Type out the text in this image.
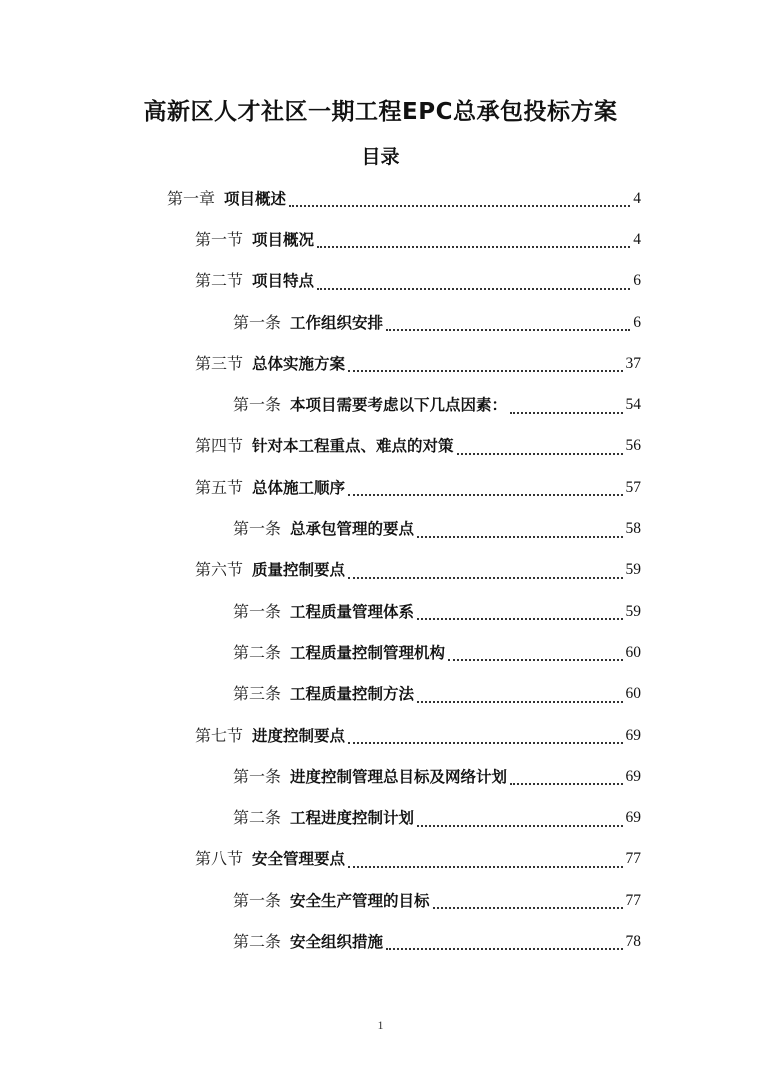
高新区人才社区一期工程EPC总承包投标方案
目录
第一章 项目概述	4
第一节 项目概况	4
第二节 项目特点	6
第一条 工作组织安排	6
第三节 总体实施方案	37
第一条 本项目需要考虑以下几点因素：	54
第四节 针对本工程重点、难点的对策	56
第五节 总体施工顺序	57
第一条 总承包管理的要点	58
第六节 质量控制要点	59
第一条 工程质量管理体系	59
第二条 工程质量控制管理机构	60
第三条 工程质量控制方法	60
第七节 进度控制要点	69
第一条 进度控制管理总目标及网络计划	69
第二条 工程进度控制计划	69
第八节 安全管理要点	77
第一条 安全生产管理的目标	77
第二条 安全组织措施	78
1
